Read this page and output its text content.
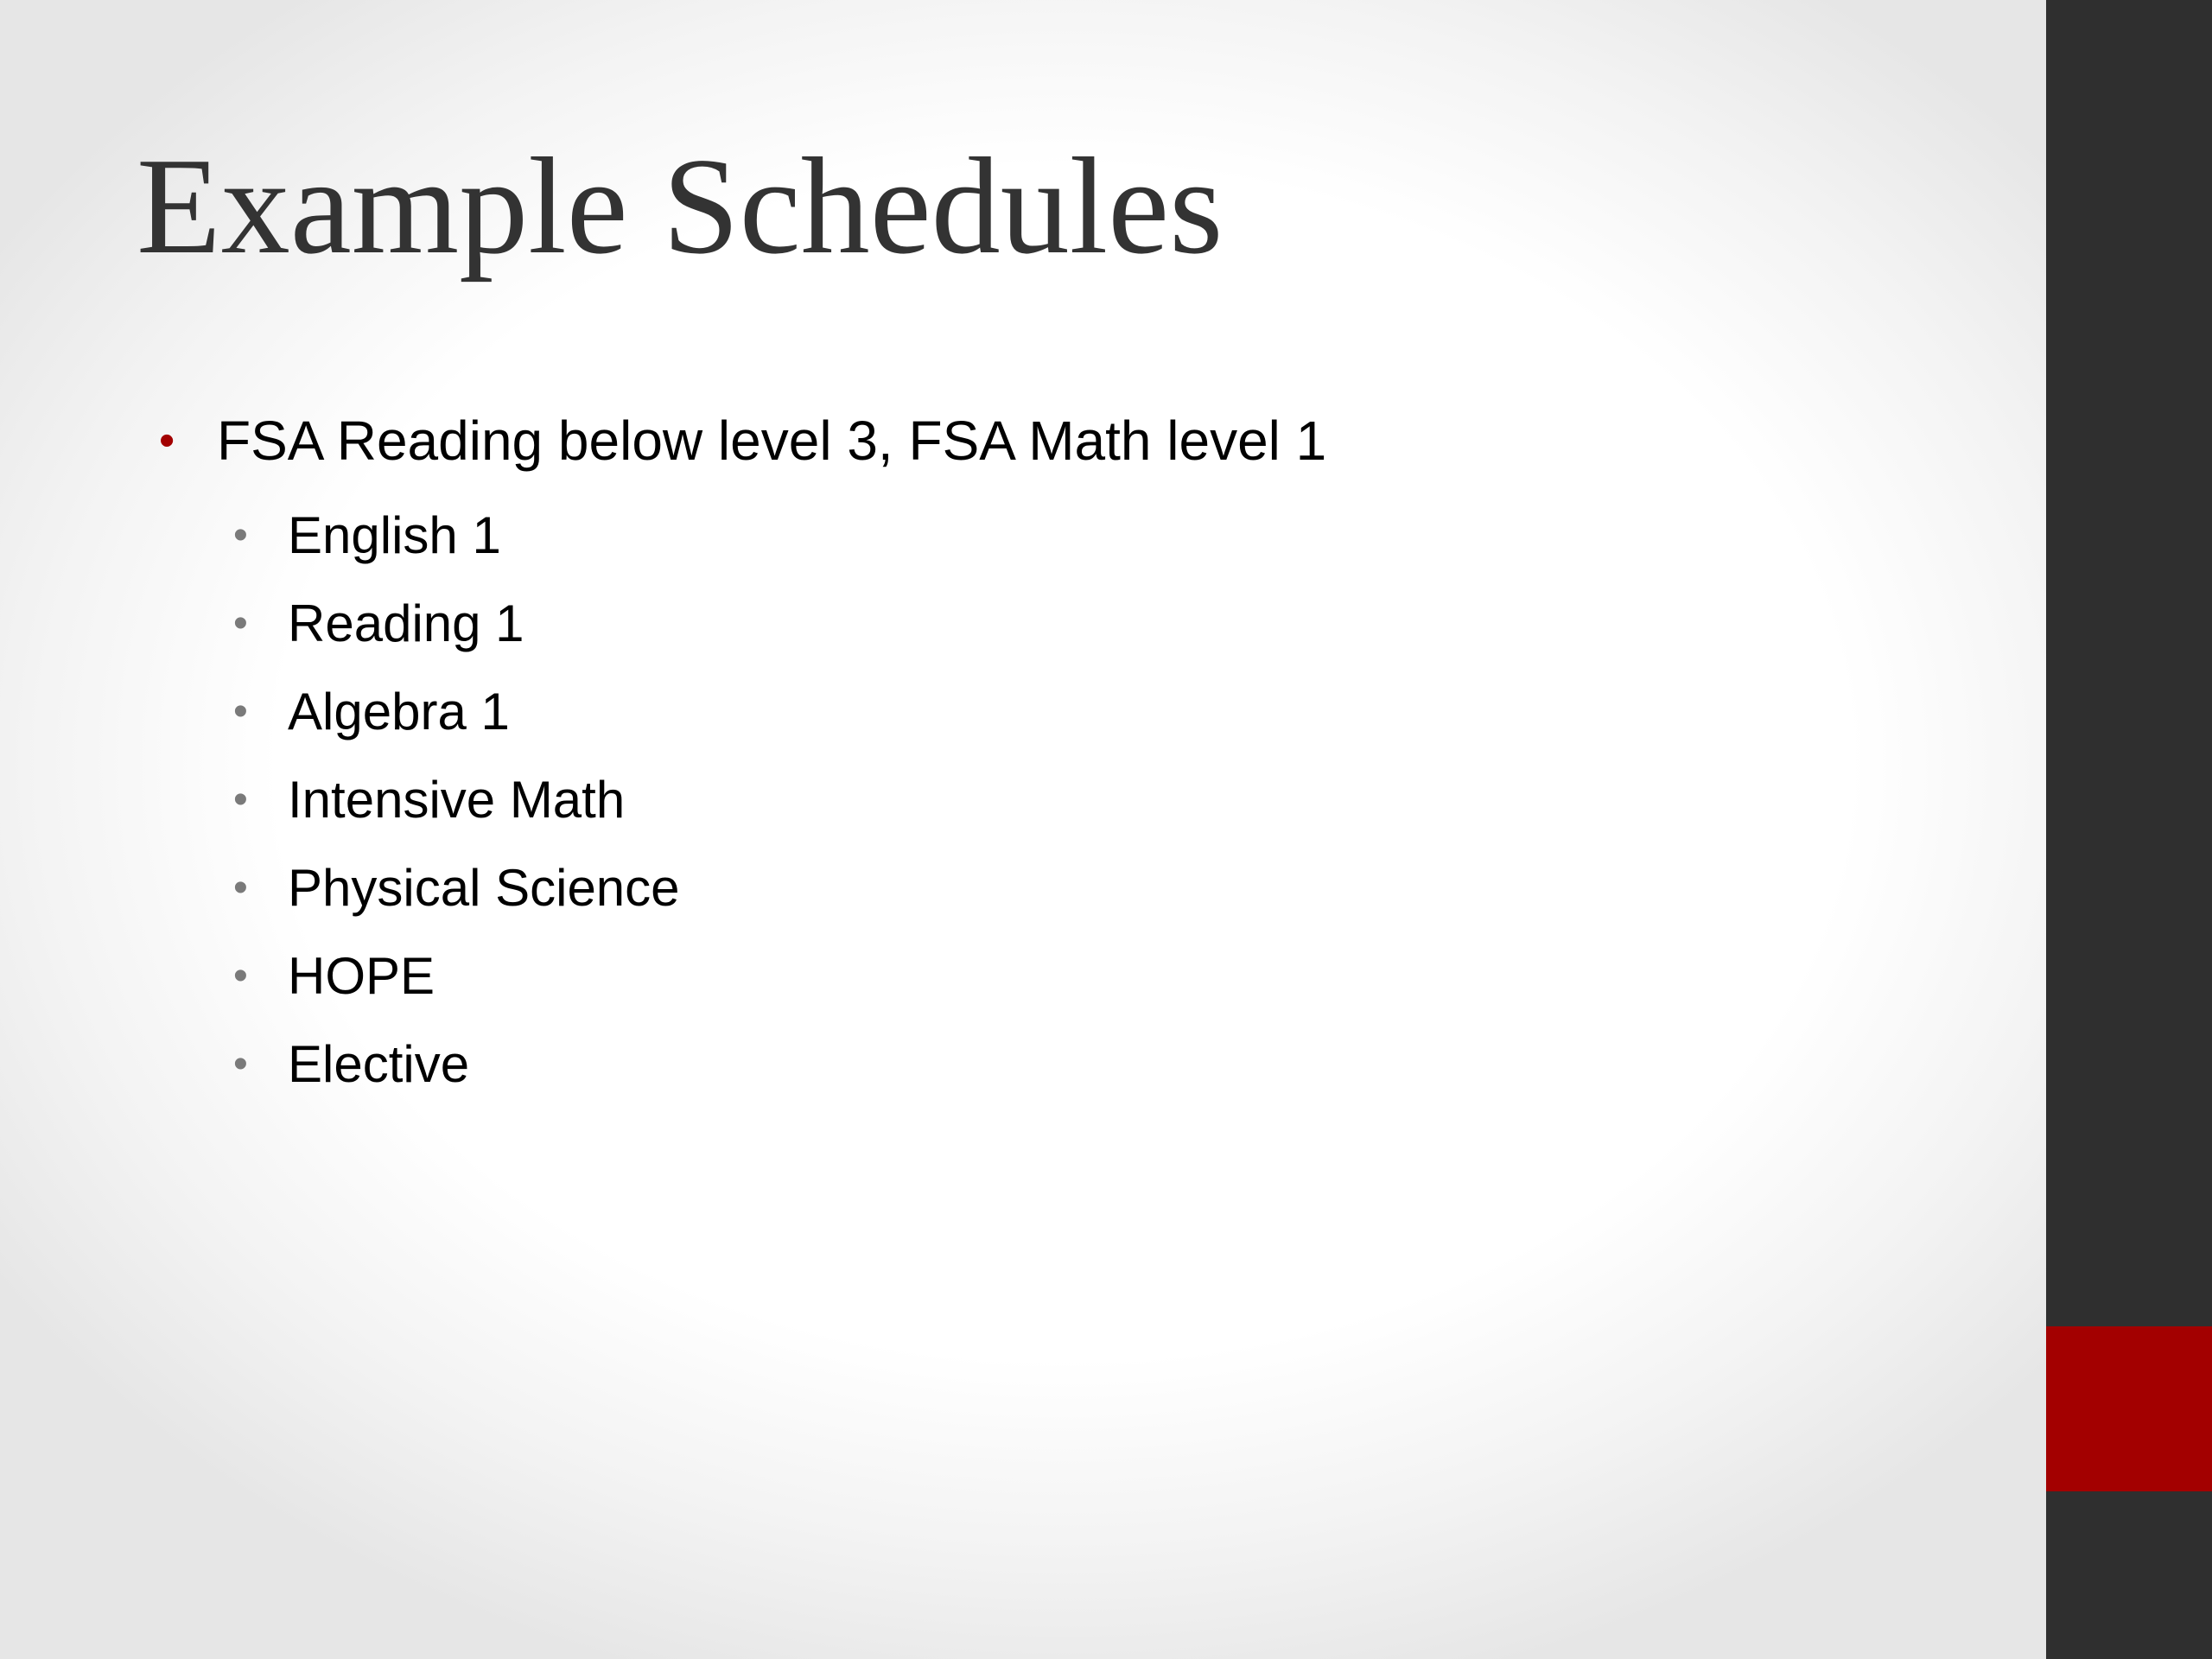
Example Schedules
• FSA Reading below level 3, FSA Math level 1
• English 1
• Reading 1
• Algebra 1
• Intensive Math
• Physical Science
• HOPE
• Elective
